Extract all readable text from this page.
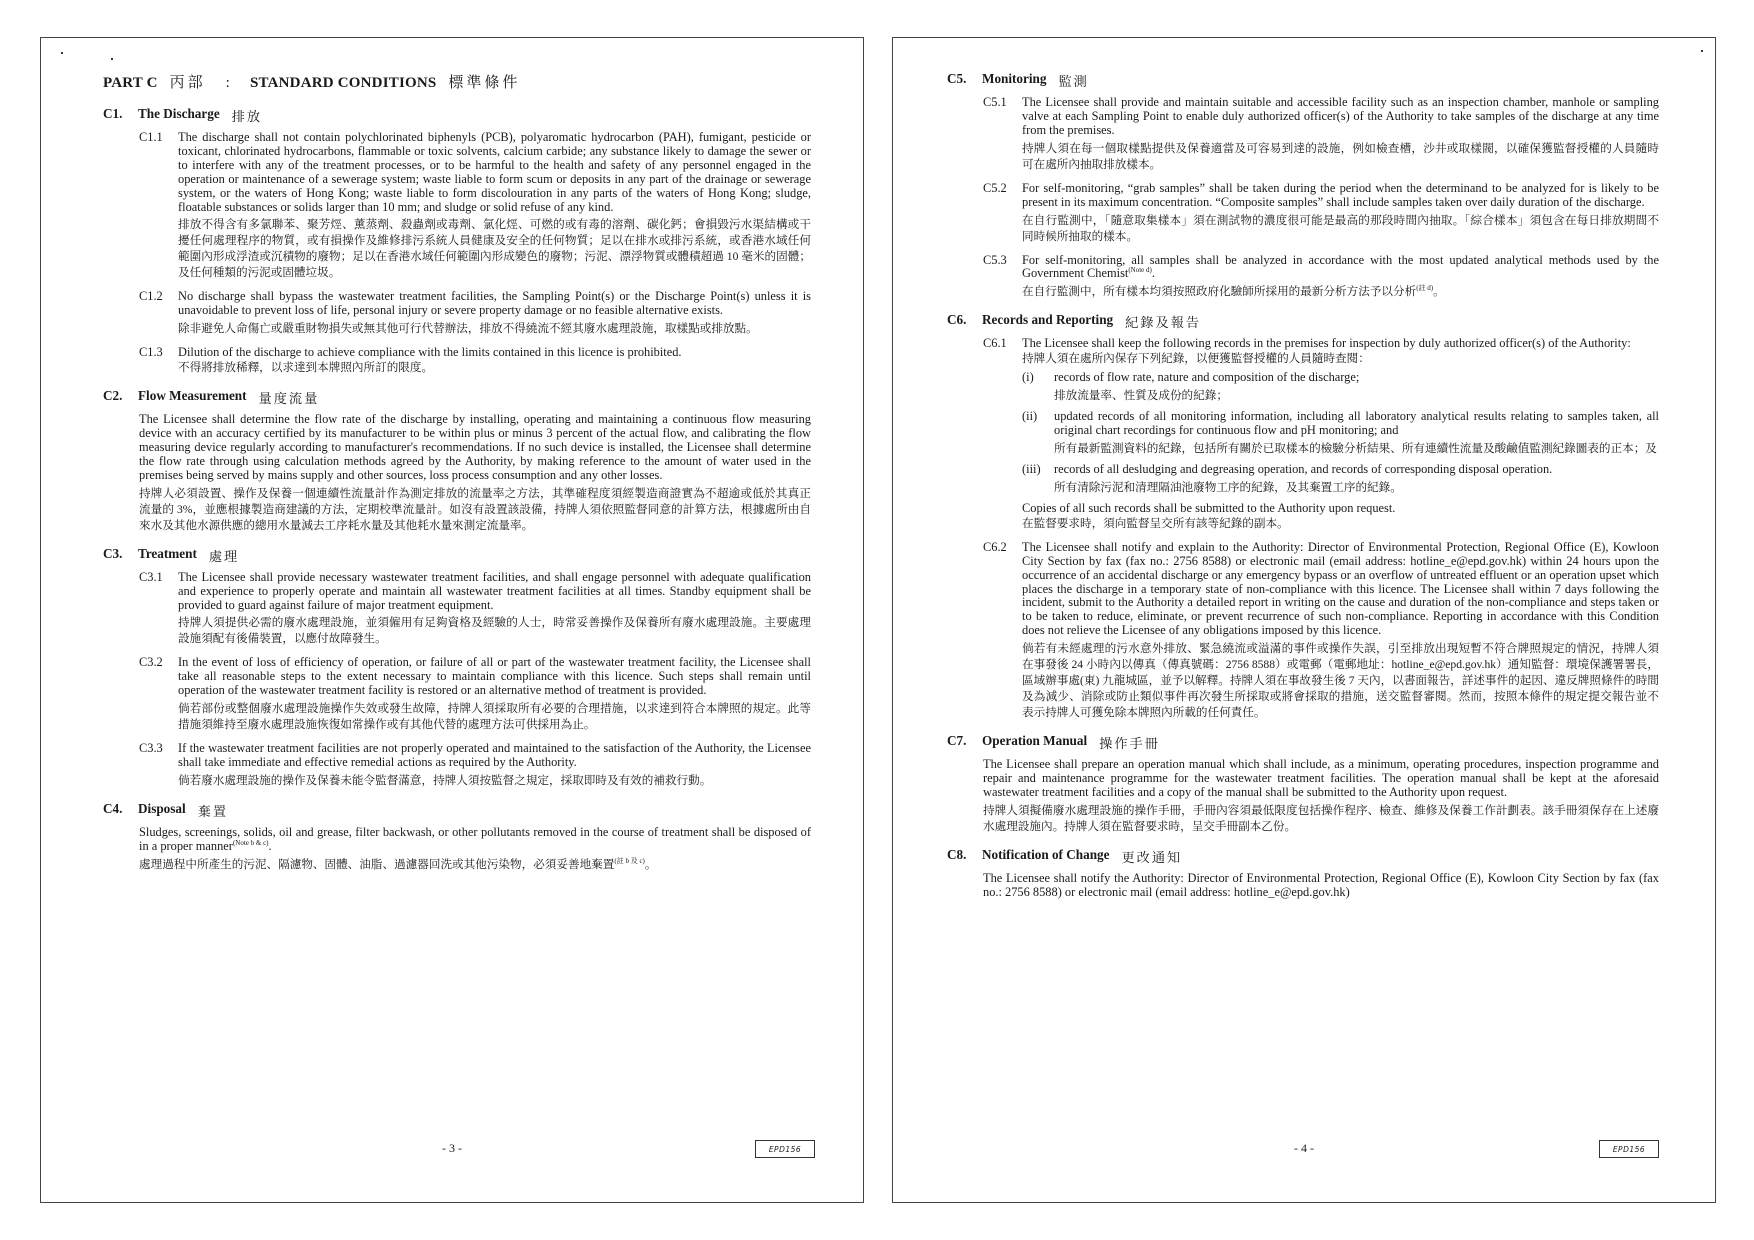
PART C 丙部 : STANDARD CONDITIONS 標準條件
C1.	The Discharge 排放
C1.1	The discharge shall not contain polychlorinated biphenyls (PCB), polyaromatic hydrocarbon (PAH), fumigant, pesticide or toxicant, chlorinated hydrocarbons, flammable or toxic solvents, calcium carbide; any substance likely to damage the sewer or to interfere with any of the treatment processes, or to be harmful to the health and safety of any personnel engaged in the operation or maintenance of a sewerage system; waste liable to form scum or deposits in any part of the drainage or sewerage system, or the waters of Hong Kong; waste liable to form discolouration in any parts of the waters of Hong Kong; sludge, floatable substances or solids larger than 10 mm; and sludge or solid refuse of any kind.

排放不得含有多氯聯苯、聚芳烴、薰蒸劑、殺蟲劑或毒劑、氯化烴、可燃的或有毒的溶劑、碳化鈣；會損毀污水渠結構或干擾任何處理程序的物質，或有損操作及維修排污系統人員健康及安全的任何物質；足以在排水或排污系統，或香港水域任何範圍內形成浮渣或沉積物的廢物；足以在香港水域任何範圍內形成變色的廢物；污泥、漂浮物質或體積超過 10 毫米的固體；及任何種類的污泥或固體垃圾。

C1.2	No discharge shall bypass the wastewater treatment facilities, the Sampling Point(s) or the Discharge Point(s) unless it is unavoidable to prevent loss of life, personal injury or severe property damage or no feasible alternative exists.

除非避免人命傷亡或嚴重財物損失或無其他可行代替辦法，排放不得繞流不經其廢水處理設施，取樣點或排放點。

C1.3	Dilution of the discharge to achieve compliance with the limits contained in this licence is prohibited.

不得將排放稀釋，以求達到本牌照內所訂的限度。

C2.	Flow Measurement 量度流量

The Licensee shall determine the flow rate of the discharge by installing, operating and maintaining a continuous flow measuring device with an accuracy certified by its manufacturer to be within plus or minus 3 percent of the actual flow, and calibrating the flow measuring device regularly according to manufacturer's recommendations. If no such device is installed, the Licensee shall determine the flow rate through using calculation methods agreed by the Authority, by making reference to the amount of water used in the premises being served by mains supply and other sources, loss process consumption and any other losses.

持牌人必須設置、操作及保養一個連續性流量計作為測定排放的流量率之方法，其準確程度須經製造商證實為不超逾或低於其真正流量的 3%，並應根據製造商建議的方法，定期校準流量計。如沒有設置該設備，持牌人須依照監督同意的計算方法，根據處所由自來水及其他水源供應的總用水量減去工序耗水量及其他耗水量來測定流量率。

C3.	Treatment 處理
C3.1	The Licensee shall provide necessary wastewater treatment facilities, and shall engage personnel with adequate qualification and experience to properly operate and maintain all wastewater treatment facilities at all times. Standby equipment shall be provided to guard against failure of major treatment equipment.

持牌人須提供必需的廢水處理設施，並須僱用有足夠資格及經驗的人士，時常妥善操作及保養所有廢水處理設施。主要處理設施須配有後備裝置，以應付故障發生。

C3.2	In the event of loss of efficiency of operation, or failure of all or part of the wastewater treatment facility, the Licensee shall take all reasonable steps to the extent necessary to maintain compliance with this licence. Such steps shall remain until operation of the wastewater treatment facility is restored or an alternative method of treatment is provided.

倘若部份或整個廢水處理設施操作失效或發生故障，持牌人須採取所有必要的合理措施，以求達到符合本牌照的規定。此等措施須維持至廢水處理設施恢復如常操作或有其他代替的處理方法可供採用為止。

C3.3	If the wastewater treatment facilities are not properly operated and maintained to the satisfaction of the Authority, the Licensee shall take immediate and effective remedial actions as required by the Authority.

倘若廢水處理設施的操作及保養未能令監督滿意，持牌人須按監督之規定，採取即時及有效的補救行動。

C4.	Disposal 棄置

Sludges, screenings, solids, oil and grease, filter backwash, or other pollutants removed in the course of treatment shall be disposed of in a proper manner$^{(Note b \& c)}$.

處理過程中所產生的污泥、隔濾物、固體、油脂、過濾器回洗或其他污染物，必須妥善地棄置$^{(註 b 及 c)}$。

- 3 -	EPD156
C5.	Monitoring 監測
C5.1	The Licensee shall provide and maintain suitable and accessible facility such as an inspection chamber, manhole or sampling valve at each Sampling Point to enable duly authorized officer(s) of the Authority to take samples of the discharge at any time from the premises.

持牌人須在每一個取樣點提供及保養適當及可容易到達的設施，例如檢查槽，沙井或取樣閥，以確保獲監督授權的人員隨時可在處所內抽取排放樣本。

C5.2	For self-monitoring, “grab samples” shall be taken during the period when the determinand to be analyzed for is likely to be present in its maximum concentration. “Composite samples” shall include samples taken over daily duration of the discharge.

在自行監測中，「隨意取集樣本」須在測試物的濃度很可能是最高的那段時間內抽取。「綜合樣本」須包含在每日排放期間不同時候所抽取的樣本。

C5.3	For self-monitoring, all samples shall be analyzed in accordance with the most updated analytical methods used by the Government Chemist$^{(Note d)}$.

在自行監測中，所有樣本均須按照政府化驗師所採用的最新分析方法予以分析$^{(註 d)}$。

C6.	Records and Reporting 紀錄及報告
C6.1	The Licensee shall keep the following records in the premises for inspection by duly authorized officer(s) of the Authority:

持牌人須在處所內保存下列紀錄，以便獲監督授權的人員隨時查閱：

(i)	records of flow rate, nature and composition of the discharge;

排放流量率、性質及成份的紀錄；

(ii)	updated records of all monitoring information, including all laboratory analytical results relating to samples taken, all original chart recordings for continuous flow and pH monitoring; and

所有最新監測資料的紀錄，包括所有關於已取樣本的檢驗分析結果、所有連續性流量及酸鹼值監測紀錄圖表的正本；及

(iii)	records of all desludging and degreasing operation, and records of corresponding disposal operation.

所有清除污泥和清理隔油池廢物工序的紀錄，及其棄置工序的紀錄。

Copies of all such records shall be submitted to the Authority upon request.

在監督要求時，須向監督呈交所有該等紀錄的副本。

C6.2	The Licensee shall notify and explain to the Authority: Director of Environmental Protection, Regional Office (E), Kowloon City Section by fax (fax no.: 2756 8588) or electronic mail (email address: hotline_e@epd.gov.hk) within 24 hours upon the occurrence of an accidental discharge or any emergency bypass or an overflow of untreated effluent or an operation upset which places the discharge in a temporary state of non-compliance with this licence. The Licensee shall within 7 days following the incident, submit to the Authority a detailed report in writing on the cause and duration of the non-compliance and steps taken or to be taken to reduce, eliminate, or prevent recurrence of such non-compliance. Reporting in accordance with this Condition does not relieve the Licensee of any obligations imposed by this licence.

倘若有未經處理的污水意外排放、緊急繞流或溢滿的事件或操作失誤，引至排放出現短暫不符合牌照規定的情況，持牌人須在事發後 24 小時內以傳真（傳真號碼：2756 8588）或電郵（電郵地址：hotline_e@epd.gov.hk）通知監督：環境保護署署長，區域辦事處(東) 九龍城區，並予以解釋。持牌人須在事故發生後 7 天內，以書面報告，詳述事件的起因、違反牌照條件的時間及為減少、消除或防止類似事件再次發生所採取或將會採取的措施，送交監督審閱。然而，按照本條件的規定提交報告並不表示持牌人可獲免除本牌照內所載的任何責任。

C7.	Operation Manual 操作手冊

The Licensee shall prepare an operation manual which shall include, as a minimum, operating procedures, inspection programme and repair and maintenance programme for the wastewater treatment facilities. The operation manual shall be kept at the aforesaid wastewater treatment facilities and a copy of the manual shall be submitted to the Authority upon request.

持牌人須擬備廢水處理設施的操作手冊，手冊內容須最低限度包括操作程序、檢查、維修及保養工作計劃表。該手冊須保存在上述廢水處理設施內。持牌人須在監督要求時，呈交手冊副本乙份。

C8.	Notification of Change 更改通知

The Licensee shall notify the Authority: Director of Environmental Protection, Regional Office (E), Kowloon City Section by fax (fax no.: 2756 8588) or electronic mail (email address: hotline_e@epd.gov.hk)

- 4 -	EPD156
